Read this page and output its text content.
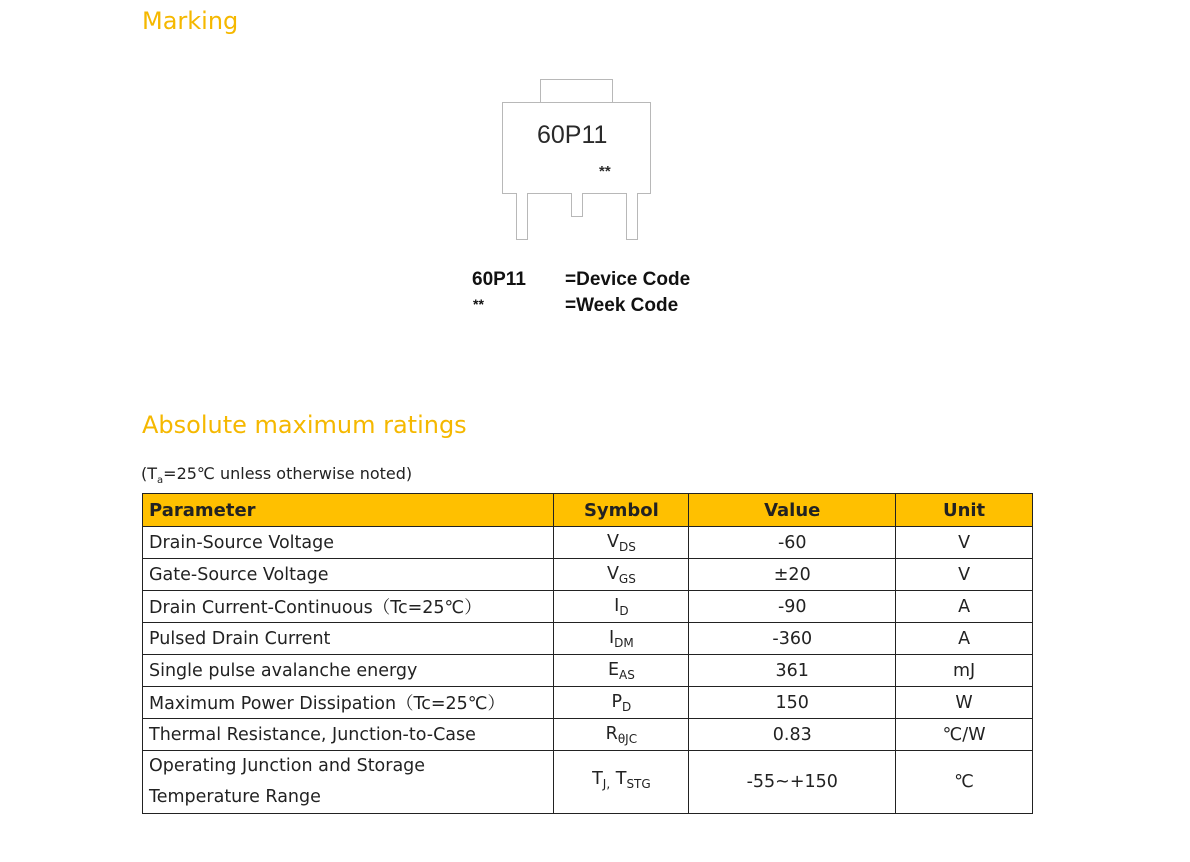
Marking
60P11
**
60P11 =Device Code
**	=Week Code
Absolute maximum ratings
($T_a=25℃$ unless otherwise noted)
Parameter	Symbol	Value	Unit
Drain-Source Voltage	$V_{DS}$	-60	V
Gate-Source Voltage	$V_{GS}$	±20	V
Drain Current-Continuous（Tc=25℃）	$I_D$	-90	A
Pulsed Drain Current	$I_{DM}$	-360	A
Single pulse avalanche energy	$E_{AS}$	361	mJ
Maximum Power Dissipation（Tc=25℃）	$P_D$	150	W
Thermal Resistance, Junction-to-Case	$R_{\theta JC}$	0.83	℃/W
Operating Junction and Storage
Temperature Range	$T_{J,}$ $T_{STG}$	-55~+150	℃
